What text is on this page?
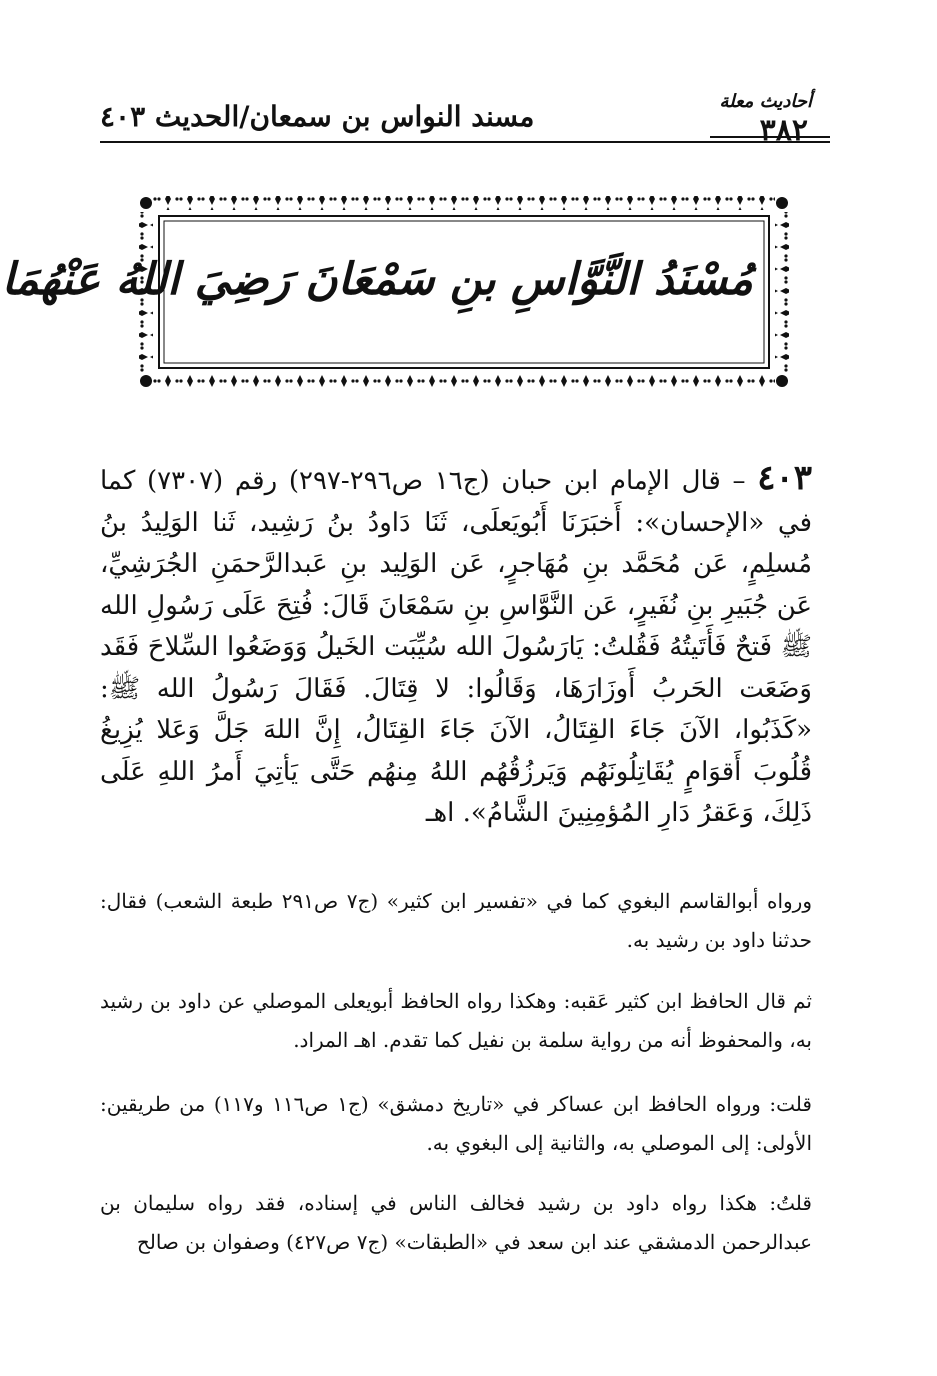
أحاديث معلة
٣٨٢
مسند النواس بن سمعان/الحديث ٤٠٣
مُسْنَدُ النَّوَّاسِ بنِ سَمْعَانَ رَضِيَ اللهُ عَنْهُمَا
٤٠٣ – قال الإمام ابن حبان (ج١٦ ص٢٩٦-٢٩٧) رقم (٧٣٠٧) كما في «الإحسان»: أَخبَرَنَا أَبُويَعلَى، ثَنَا دَاودُ بنُ رَشِيد، ثَنا الوَلِيدُ بنُ مُسلِمٍ، عَن مُحَمَّد بنِ مُهَاجرٍ، عَن الوَلِيد بنِ عَبدالرَّحمَنِ الجُرَشِيِّ، عَن جُبَيرِ بنِ نُفَيرٍ، عَن النَّوَّاسِ بنِ سَمْعَانَ قَالَ: فُتِحَ عَلَى رَسُولِ الله ﷺ فَتحٌ فَأَتَيتُهُ فَقُلتُ: يَارَسُولَ الله سُيِّبَت الخَيلُ وَوَضَعُوا السِّلاحَ فَقَد وَضَعَت الحَربُ أَوزَارَهَا، وَقَالُوا: لا قِتَالَ. فَقَالَ رَسُولُ الله ﷺ: «كَذَبُوا، الآنَ جَاءَ القِتَالُ، الآنَ جَاءَ القِتَالُ، إِنَّ اللهَ جَلَّ وَعَلا يُزِيغُ قُلُوبَ أَقوَامٍ يُقَاتِلُونَهُم وَيَرزُقُهُم اللهُ مِنهُم حَتَّى يَأتِيَ أَمرُ اللهِ عَلَى ذَلِكَ، وَعَقرُ دَارِ المُؤمِنِينَ الشَّامُ». اهـ
ورواه أبوالقاسم البغوي كما في «تفسير ابن كثير» (ج٧ ص٢٩١ طبعة الشعب) فقال: حدثنا داود بن رشيد به.
ثم قال الحافظ ابن كثير عَقبه: وهكذا رواه الحافظ أبويعلى الموصلي عن داود بن رشيد به، والمحفوظ أنه من رواية سلمة بن نفيل كما تقدم. اهـ المراد.
قلت: ورواه الحافظ ابن عساكر في «تاريخ دمشق» (ج١ ص١١٦ و١١٧) من طريقين: الأولى: إلى الموصلي به، والثانية إلى البغوي به.
قلتُ: هكذا رواه داود بن رشيد فخالف الناس في إسناده، فقد رواه سليمان بن عبدالرحمن الدمشقي عند ابن سعد في «الطبقات» (ج٧ ص٤٢٧) وصفوان بن صالح
